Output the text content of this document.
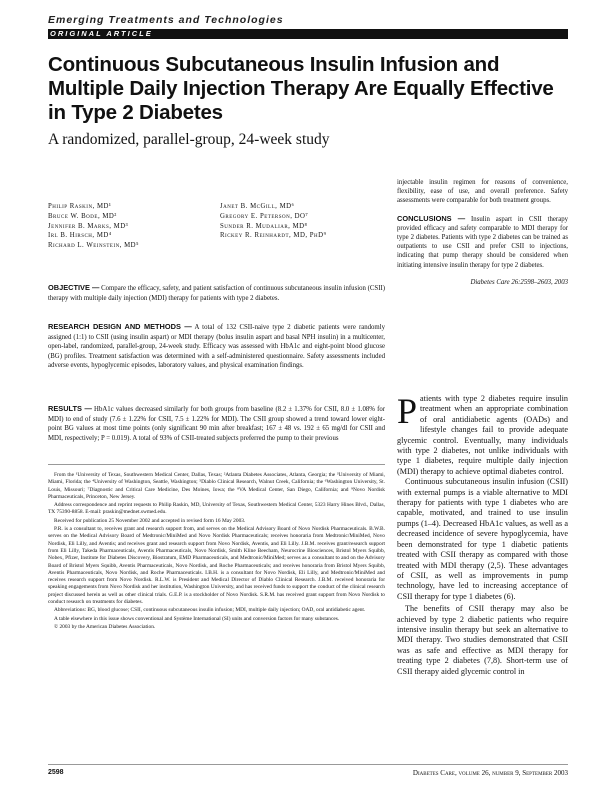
Emerging Treatments and Technologies
ORIGINAL ARTICLE
Continuous Subcutaneous Insulin Infusion and Multiple Daily Injection Therapy Are Equally Effective in Type 2 Diabetes
A randomized, parallel-group, 24-week study
Philip Raskin, MD¹
Bruce W. Bode, MD²
Jennifer B. Marks, MD³
Irl B. Hirsch, MD⁴
Richard L. Weinstein, MD⁵
Janet B. McGill, MD⁶
Gregory E. Peterson, DO⁷
Sunder R. Mudaliar, MD⁸
Rickey R. Reinhardt, MD, PhD⁹
injectable insulin regimen for reasons of convenience, flexibility, ease of use, and overall preference. Safety assessments were comparable for both treatment groups.
CONCLUSIONS — Insulin aspart in CSII therapy provided efficacy and safety comparable to MDI therapy for type 2 diabetes. Patients with type 2 diabetes can be trained as outpatients to use CSII and prefer CSII to injections, indicating that pump therapy should be considered when initiating intensive insulin therapy for type 2 diabetes.
Diabetes Care 26:2598–2603, 2003
OBJECTIVE — Compare the efficacy, safety, and patient satisfaction of continuous subcutaneous insulin infusion (CSII) therapy with multiple daily injection (MDI) therapy for patients with type 2 diabetes.
RESEARCH DESIGN AND METHODS — A total of 132 CSII-naive type 2 diabetic patients were randomly assigned (1:1) to CSII (using insulin aspart) or MDI therapy (bolus insulin aspart and basal NPH insulin) in a multicenter, open-label, randomized, parallel-group, 24-week study. Efficacy was assessed with HbA1c and eight-point blood glucose (BG) profiles. Treatment satisfaction was determined with a self-administered questionnaire. Safety assessments included adverse events, hypoglycemic episodes, laboratory values, and physical examination findings.
RESULTS — HbA1c values decreased similarly for both groups from baseline (8.2 ± 1.37% for CSII, 8.0 ± 1.08% for MDI) to end of study (7.6 ± 1.22% for CSII, 7.5 ± 1.22% for MDI). The CSII group showed a trend toward lower eight-point BG values at most time points (only significant 90 min after breakfast; 167 ± 48 vs. 192 ± 65 mg/dl for CSII and MDI, respectively; P = 0.019). A total of 93% of CSII-treated subjects preferred the pump to their previous

From the ¹University of Texas, Southwestern Medical Center, Dallas, Texas; ²Atlanta Diabetes Associates, Atlanta, Georgia; the ³University of Miami, Miami, Florida; the ⁴University of Washington, Seattle, Washington; ⁵Diablo Clinical Research, Walnut Creek, California; the ⁶Washington University, St. Louis, Missouri; ⁷Diagnostic and Critical Care Medicine, Des Moines, Iowa; the ⁸VA Medical Center, San Diego, California; and ⁹Novo Nordisk Pharmaceuticals, Princeton, New Jersey.

Address correspondence and reprint requests to Philip Raskin, MD, University of Texas, Southwestern Medical Center, 5323 Harry Hines Blvd., Dallas, TX 75390-8858. E-mail: praskin@mednet.swmed.edu.

Received for publication 25 November 2002 and accepted in revised form 16 May 2003.

P.R. is a consultant to, receives grant and research support from, and serves on the Medical Advisory Board of Novo Nordisk Pharmaceuticals. B.W.B. serves on the Medical Advisory Board of Medtronic/MiniMed and Novo Nordisk Pharmaceuticals; receives honoraria from Medtronic/MiniMed, Novo Nordisk, Eli Lilly, and Aventis; and receives grant and research support from Novo Nordisk, Aventis, and Eli Lilly. J.B.M. receives grant/research support from Eli Lilly, Takeda Pharmaceuticals, Aventis Pharmaceuticals, Novo Nordisk, Smith Kline Beecham, Neurocrine Biosciences, Bristol Myers Squibb, Nobex, Pfizer, Institute for Diabetes Discovery, Biostratum, EMD Pharmaceuticals, and Medtronic/MiniMed; serves as a consultant to and on the Advisory Board of Bristol Myers Squibb, Aventis Pharmaceuticals, Novo Nordisk, and Roche Pharmaceuticals; and receives honoraria from Bristol Myers Squibb, Aventis Pharmaceuticals, Novo Nordisk, and Roche Pharmaceuticals. I.B.H. is a consultant for Novo Nordisk, Eli Lilly, and Medtronic/MiniMed and receives research support from Novo Nordisk. R.L.W. is President and Medical Director of Diablo Clinical Research. J.B.M. received honoraria for speaking engagements from Novo Nordisk and her institution, Washington University, and has received funds to support the conduct of the clinical research project discussed herein as well as other clinical trials. G.E.P. is a stockholder of Novo Nordisk. S.R.M. has received grant support from Novo Nordisk to conduct research on treatments for diabetes.

Abbreviations: BG, blood glucose; CSII, continuous subcutaneous insulin infusion; MDI, multiple daily injection; OAD, oral antidiabetic agent.

A table elsewhere in this issue shows conventional and Système International (SI) units and conversion factors for many substances.

© 2003 by the American Diabetes Association.

Patients with type 2 diabetes require insulin treatment when an appropriate combination of oral antidiabetic agents (OADs) and lifestyle changes fail to provide adequate glycemic control. Eventually, many individuals with type 2 diabetes, not unlike individuals with type 1 diabetes, require multiple daily injection (MDI) therapy to achieve optimal diabetes control.

Continuous subcutaneous insulin infusion (CSII) with external pumps is a viable alternative to MDI therapy for patients with type 1 diabetes who are capable, motivated, and trained to use insulin pumps (1–4). Decreased HbA1c values, as well as a decreased incidence of severe hypoglycemia, have been demonstrated for type 1 diabetic patients treated with CSII therapy as compared with those treated with MDI therapy (2,5). These advantages of CSII, as well as improvements in pump technology, have led to increasing acceptance of CSII therapy for type 1 diabetes (6).

The benefits of CSII therapy may also be achieved by type 2 diabetic patients who require intensive insulin therapy but seek an alternative to MDI therapy. Two studies demonstrated that CSII was as safe and effective as MDI therapy for treating type 2 diabetes (7,8). Short-term use of CSII therapy aided glycemic control in

2598	Diabetes Care, volume 26, number 9, September 2003
